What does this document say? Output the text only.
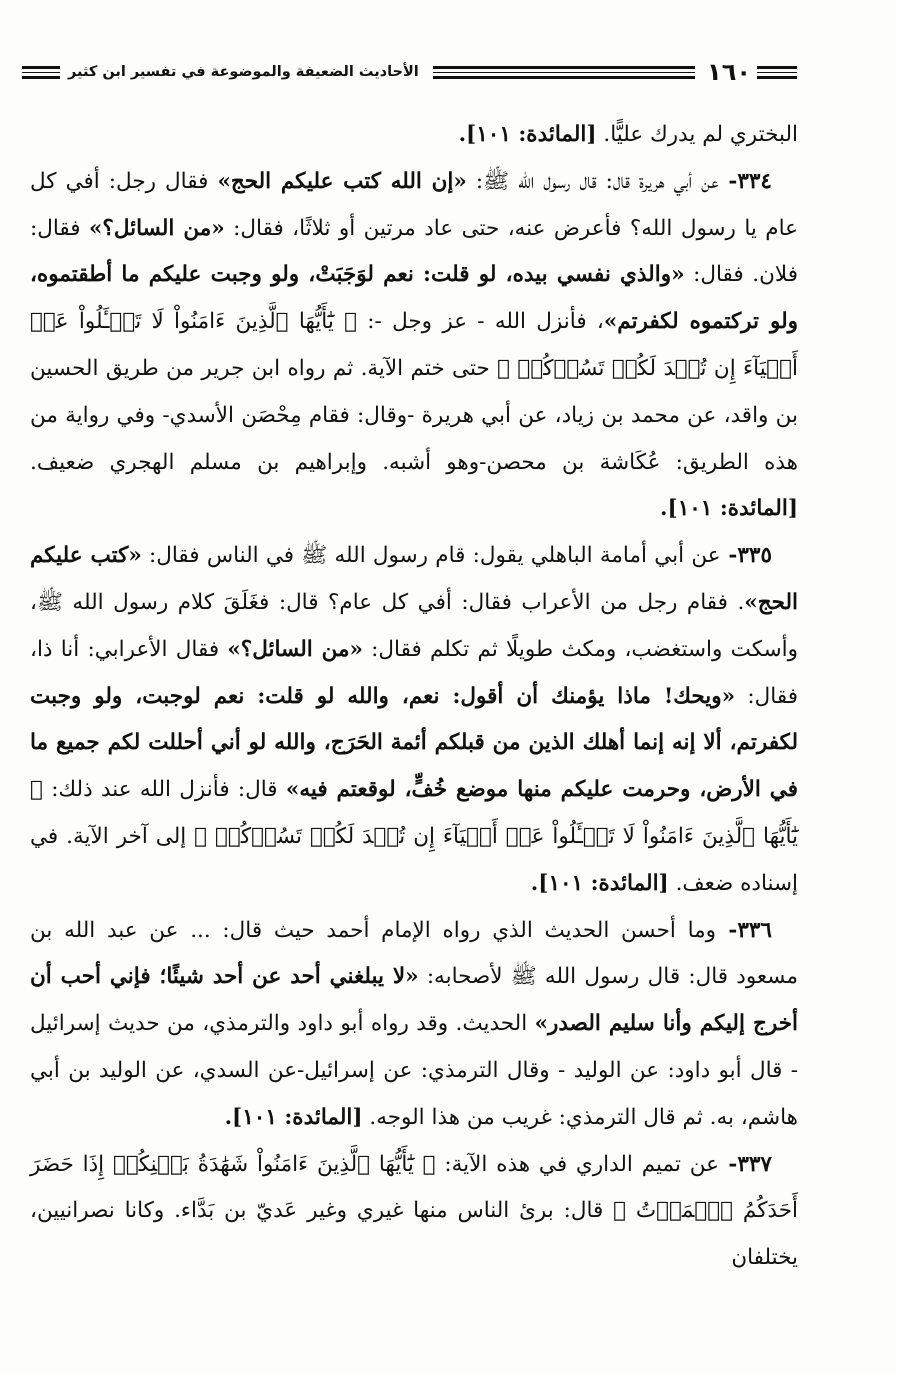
١٦٠
الأحاديث الضعيفة والموضوعة في تفسير ابن كثير

البختري لم يدرك عليًّا. [المائدة: ١٠١].

٣٣٤- عن أبي هريرة قال: قال رسول الله ﷺ: «إن الله كتب عليكم الحج» فقال رجل: أفي كل عام يا رسول الله؟ فأعرض عنه، حتى عاد مرتين أو ثلاثًا، فقال: «من السائل؟» فقال: فلان. فقال: «والذي نفسي بيده، لو قلت: نعم لوَجَبَتْ، ولو وجبت عليكم ما أطقتموه، ولو تركتموه لكفرتم»، فأنزل الله - عز وجل -: ﴿ يَٰٓأَيُّهَا ٱلَّذِينَ ءَامَنُواْ لَا تَسۡـَٔلُواْ عَنۡ أَشۡيَآءَ إِن تُبۡدَ لَكُمۡ تَسُؤۡكُمۡ ﴾ حتى ختم الآية. ثم رواه ابن جرير من طريق الحسين بن واقد، عن محمد بن زياد، عن أبي هريرة -وقال: فقام مِحْصَن الأسدي- وفي رواية من هذه الطريق: عُكَاشة بن محصن-وهو أشبه. وإبراهيم بن مسلم الهجري ضعيف. [المائدة: ١٠١].

٣٣٥- عن أبي أمامة الباهلي يقول: قام رسول الله ﷺ في الناس فقال: «كتب عليكم الحج». فقام رجل من الأعراب فقال: أفي كل عام؟ قال: فغَلَقَ كلام رسول الله ﷺ، وأسكت واستغضب، ومكث طويلًا ثم تكلم فقال: «من السائل؟» فقال الأعرابي: أنا ذا، فقال: «ويحك! ماذا يؤمنك أن أقول: نعم، والله لو قلت: نعم لوجبت، ولو وجبت لكفرتم، ألا إنه إنما أهلك الذين من قبلكم أئمة الحَرَج، والله لو أني أحللت لكم جميع ما في الأرض، وحرمت عليكم منها موضع خُفٍّ، لوقعتم فيه» قال: فأنزل الله عند ذلك: ﴿ يَٰٓأَيُّهَا ٱلَّذِينَ ءَامَنُواْ لَا تَسۡـَٔلُواْ عَنۡ أَشۡيَآءَ إِن تُبۡدَ لَكُمۡ تَسُؤۡكُمۡ ﴾ إلى آخر الآية. في إسناده ضعف. [المائدة: ١٠١].

٣٣٦- وما أحسن الحديث الذي رواه الإمام أحمد حيث قال: ... عن عبد الله بن مسعود قال: قال رسول الله ﷺ لأصحابه: «لا يبلغني أحد عن أحد شيئًا؛ فإني أحب أن أخرج إليكم وأنا سليم الصدر» الحديث. وقد رواه أبو داود والترمذي، من حديث إسرائيل - قال أبو داود: عن الوليد - وقال الترمذي: عن إسرائيل-عن السدي، عن الوليد بن أبي هاشم، به. ثم قال الترمذي: غريب من هذا الوجه. [المائدة: ١٠١].

٣٣٧- عن تميم الداري في هذه الآية: ﴿ يَٰٓأَيُّهَا ٱلَّذِينَ ءَامَنُواْ شَهَٰدَةُ بَيۡنِكُمۡ إِذَا حَضَرَ أَحَدَكُمُ ٱلۡمَوۡتُ ﴾ قال: برئ الناس منها غيري وغير عَديّ بن بَدَّاء. وكانا نصرانيين، يختلفان
